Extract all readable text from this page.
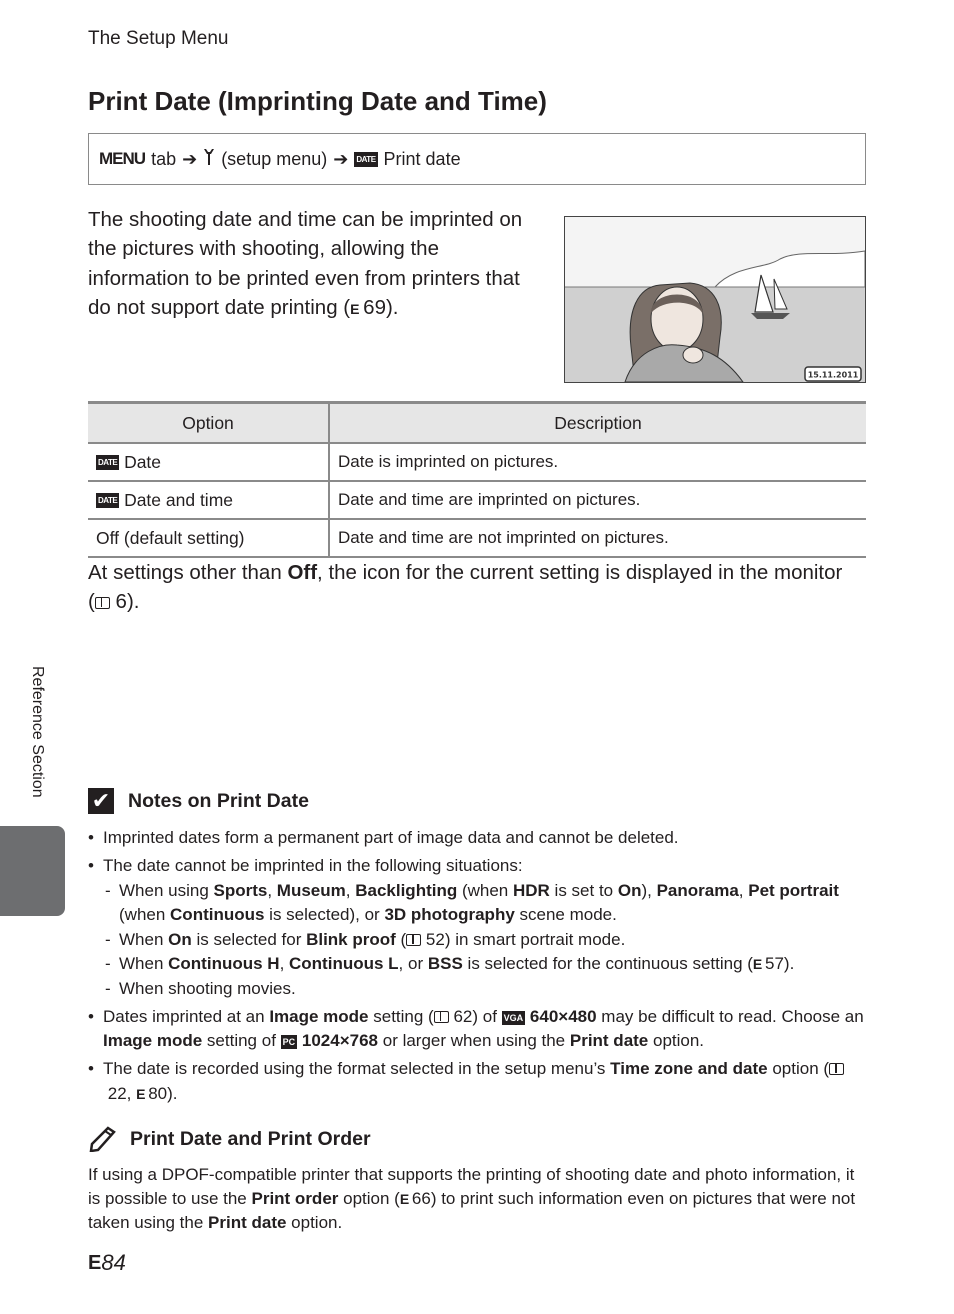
The Setup Menu
Print Date (Imprinting Date and Time)
MENU tab ➔ (setup menu) ➔ DATE Print date

The shooting date and time can be imprinted on the pictures with shooting, allowing the information to be printed even from printers that do not support date printing (E 69).

15.11.2011
Option	Description
DATE Date	Date is imprinted on pictures.
DATE Date and time	Date and time are imprinted on pictures.
Off (default setting)	Date and time are not imprinted on pictures.

At settings other than Off, the icon for the current setting is displayed in the monitor ( 6).

Reference Section
✔ Notes on Print Date
• Imprinted dates form a permanent part of image data and cannot be deleted.
• The date cannot be imprinted in the following situations:
- When using Sports, Museum, Backlighting (when HDR is set to On), Panorama, Pet portrait (when Continuous is selected), or 3D photography scene mode.
- When On is selected for Blink proof ( 52) in smart portrait mode.
- When Continuous H, Continuous L, or BSS is selected for the continuous setting (E 57).
- When shooting movies.
• Dates imprinted at an Image mode setting ( 62) of VGA 640×480 may be difficult to read. Choose an Image mode setting of PC 1024×768 or larger when using the Print date option.
• The date is recorded using the format selected in the setup menu’s Time zone and date option ( 22, E 80).
Print Date and Print Order

If using a DPOF-compatible printer that supports the printing of shooting date and photo information, it is possible to use the Print order option (E 66) to print such information even on pictures that were not taken using the Print date option.

E 84
